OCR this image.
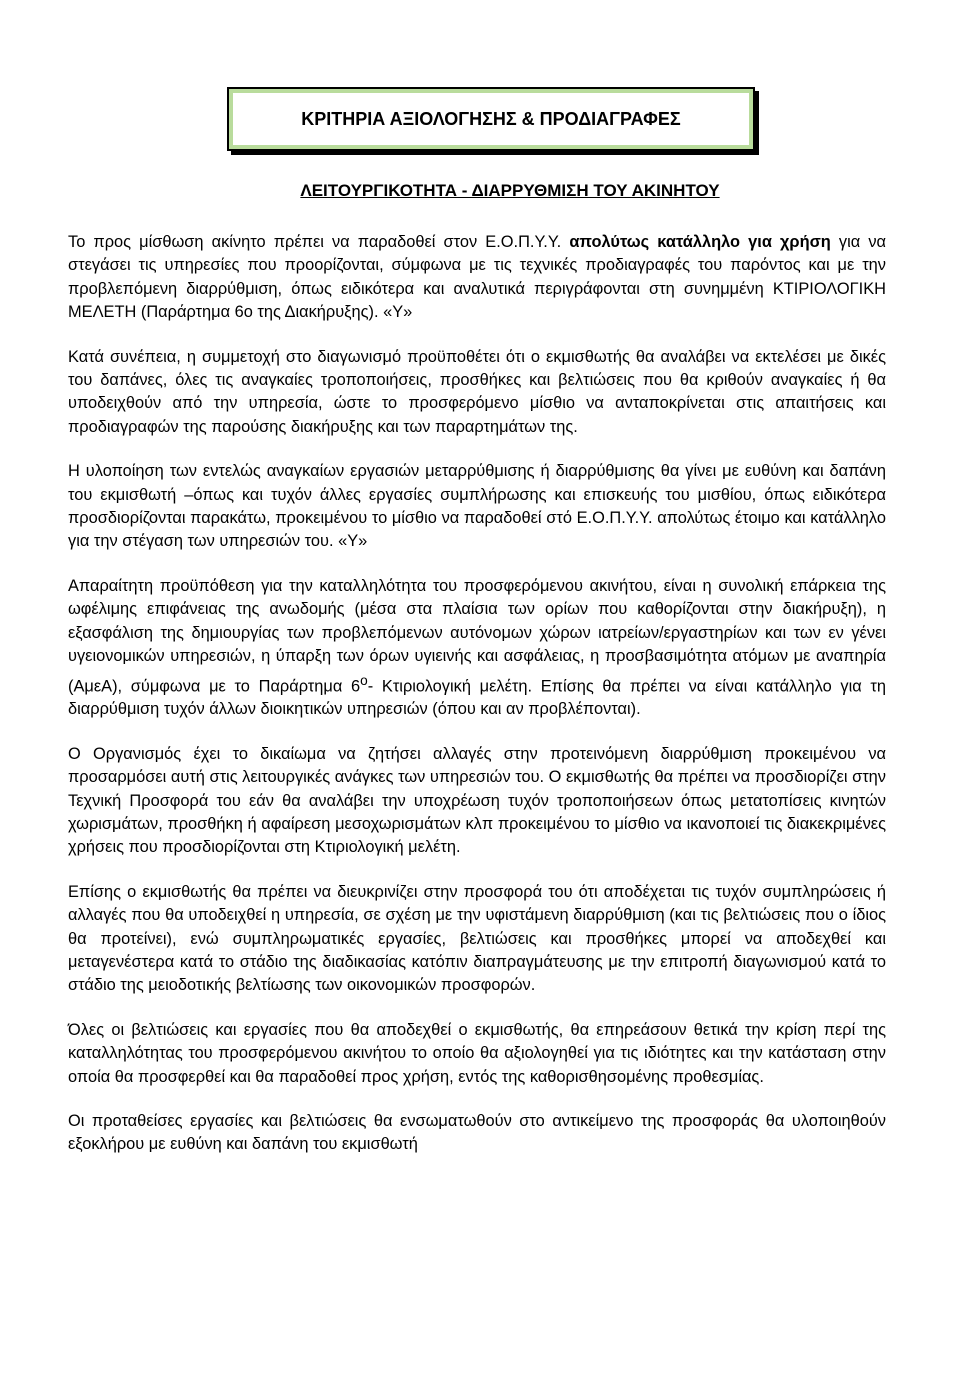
ΚΡΙΤΗΡΙΑ ΑΞΙΟΛΟΓΗΣΗΣ & ΠΡΟΔΙΑΓΡΑΦΕΣ
ΛΕΙΤΟΥΡΓΙΚΟΤΗΤΑ - ΔΙΑΡΡΥΘΜΙΣΗ ΤΟΥ ΑΚΙΝΗΤΟΥ

Το προς μίσθωση ακίνητο πρέπει να παραδοθεί στον Ε.Ο.Π.Υ.Υ. απολύτως κατάλληλο για χρήση για να στεγάσει τις υπηρεσίες που προορίζονται, σύμφωνα με τις τεχνικές προδιαγραφές του παρόντος και με την προβλεπόμενη διαρρύθμιση, όπως ειδικότερα και αναλυτικά περιγράφονται στη συνημμένη ΚΤΙΡΙΟΛΟΓΙΚΗ ΜΕΛΕΤΗ (Παράρτημα 6ο της Διακήρυξης). «Υ»

Κατά συνέπεια, η συμμετοχή στο διαγωνισμό προϋποθέτει ότι ο εκμισθωτής θα αναλάβει να εκτελέσει με δικές του δαπάνες, όλες τις αναγκαίες τροποποιήσεις, προσθήκες και βελτιώσεις που θα κριθούν αναγκαίες ή θα υποδειχθούν από την υπηρεσία, ώστε το προσφερόμενο μίσθιο να ανταποκρίνεται στις απαιτήσεις και προδιαγραφών της παρούσης διακήρυξης και των παραρτημάτων της.

Η υλοποίηση των εντελώς αναγκαίων εργασιών μεταρρύθμισης ή διαρρύθμισης θα γίνει με ευθύνη και δαπάνη του εκμισθωτή –όπως και τυχόν άλλες εργασίες συμπλήρωσης και επισκευής του μισθίου, όπως ειδικότερα προσδιορίζονται παρακάτω, προκειμένου το μίσθιο να παραδοθεί στό Ε.Ο.Π.Υ.Υ. απολύτως έτοιμο και κατάλληλο για την στέγαση των υπηρεσιών του. «Υ»

Απαραίτητη προϋπόθεση για την καταλληλότητα του προσφερόμενου ακινήτου, είναι η συνολική επάρκεια της ωφέλιμης επιφάνειας της ανωδομής (μέσα στα πλαίσια των ορίων που καθορίζονται στην διακήρυξη), η εξασφάλιση της δημιουργίας των προβλεπόμενων αυτόνομων χώρων ιατρείων/εργαστηρίων και των εν γένει υγειονομικών υπηρεσιών, η ύπαρξη των όρων υγιεινής και ασφάλειας, η προσβασιμότητα ατόμων με αναπηρία (ΑμεΑ), σύμφωνα με το Παράρτημα $6^o-$ Κτιριολογική μελέτη. Επίσης θα πρέπει να είναι κατάλληλο για τη διαρρύθμιση τυχόν άλλων διοικητικών υπηρεσιών (όπου και αν προβλέπονται).

Ο Οργανισμός έχει το δικαίωμα να ζητήσει αλλαγές στην προτεινόμενη διαρρύθμιση προκειμένου να προσαρμόσει αυτή στις λειτουργικές ανάγκες των υπηρεσιών του. Ο εκμισθωτής θα πρέπει να προσδιορίζει στην Τεχνική Προσφορά του εάν θα αναλάβει την υποχρέωση τυχόν τροποποιήσεων όπως μετατοπίσεις κινητών χωρισμάτων, προσθήκη ή αφαίρεση μεσοχωρισμάτων κλπ προκειμένου το μίσθιο να ικανοποιεί τις διακεκριμένες χρήσεις που προσδιορίζονται στη Κτιριολογική μελέτη.

Επίσης ο εκμισθωτής θα πρέπει να διευκρινίζει στην προσφορά του ότι αποδέχεται τις τυχόν συμπληρώσεις ή αλλαγές που θα υποδειχθεί η υπηρεσία, σε σχέση με την υφιστάμενη διαρρύθμιση (και τις βελτιώσεις που ο ίδιος θα προτείνει), ενώ συμπληρωματικές εργασίες, βελτιώσεις και προσθήκες μπορεί να αποδεχθεί και μεταγενέστερα κατά το στάδιο της διαδικασίας κατόπιν διαπραγμάτευσης με την επιτροπή διαγωνισμού κατά το στάδιο της μειοδοτικής βελτίωσης των οικονομικών προσφορών.

Όλες οι βελτιώσεις και εργασίες που θα αποδεχθεί ο εκμισθωτής, θα επηρεάσουν θετικά την κρίση περί της καταλληλότητας του προσφερόμενου ακινήτου το οποίο θα αξιολογηθεί για τις ιδιότητες και την κατάσταση στην οποία θα προσφερθεί και θα παραδοθεί προς χρήση, εντός της καθορισθησομένης προθεσμίας.

Οι προταθείσες εργασίες και βελτιώσεις θα ενσωματωθούν στο αντικείμενο της προσφοράς θα υλοποιηθούν εξοκλήρου με ευθύνη και δαπάνη του εκμισθωτή
